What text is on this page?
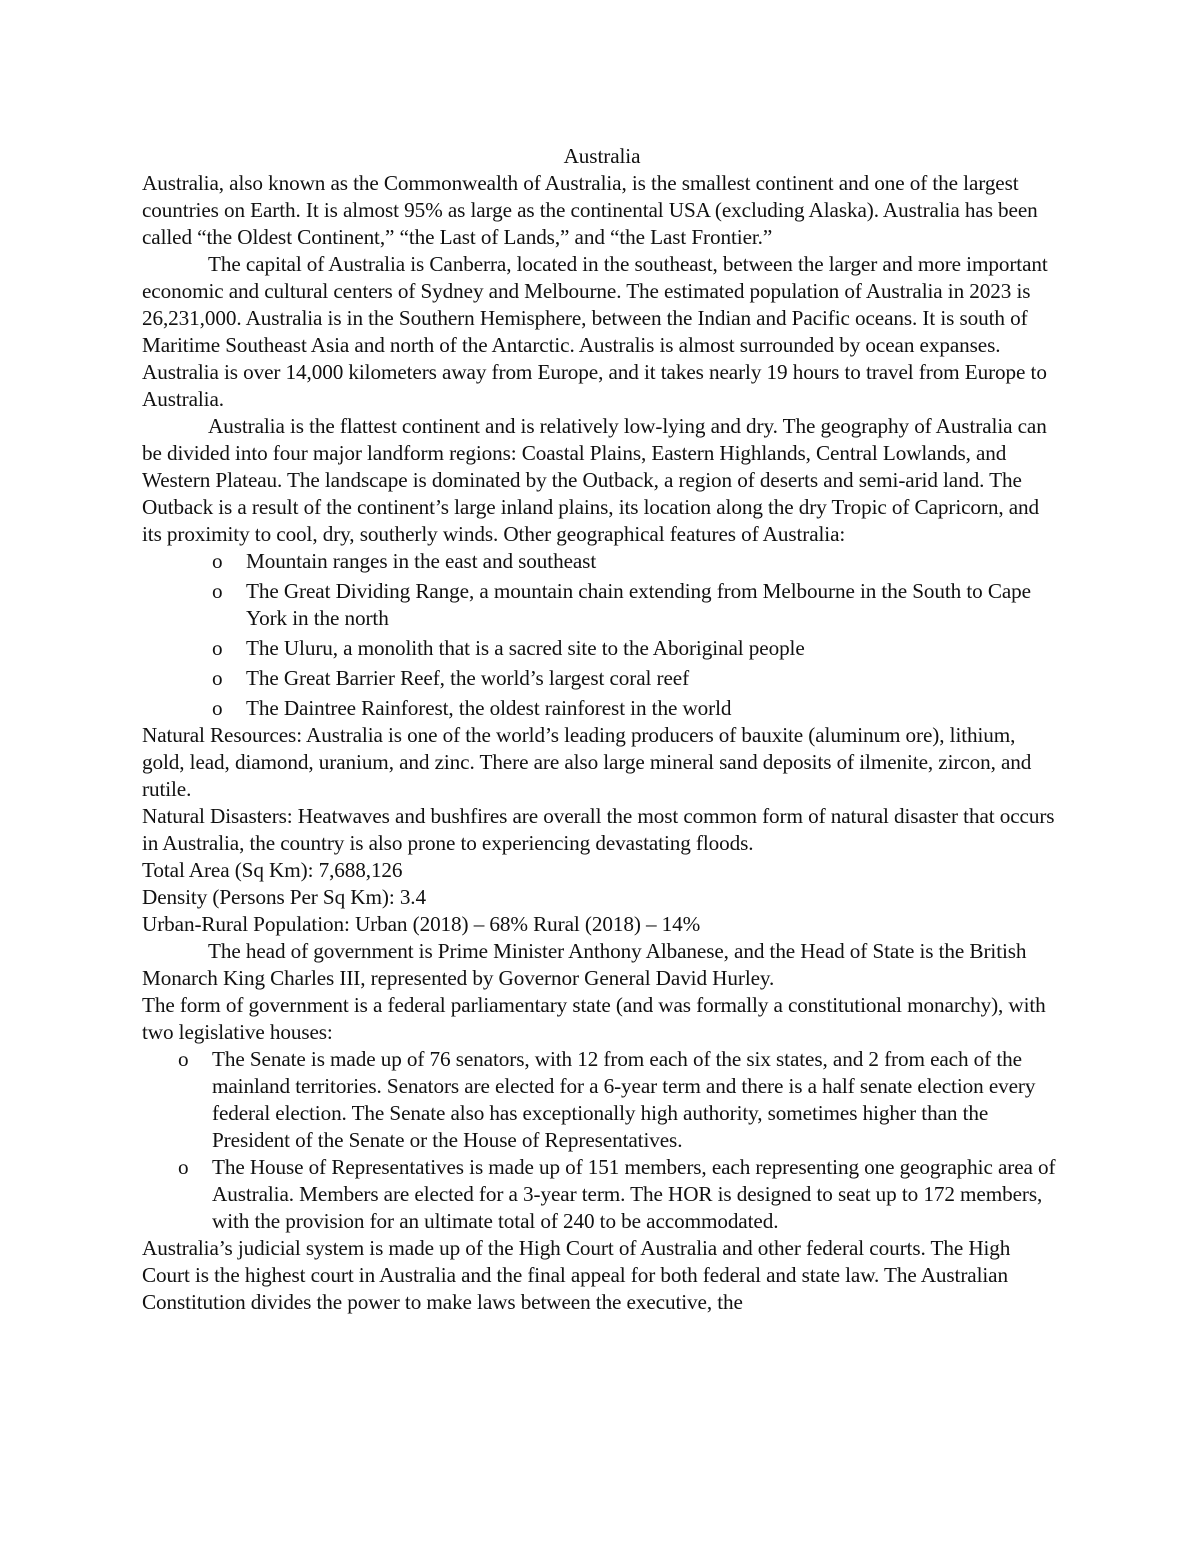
Australia

Australia, also known as the Commonwealth of Australia, is the smallest continent and one of the largest countries on Earth. It is almost 95% as large as the continental USA (excluding Alaska). Australia has been called “the Oldest Continent,” “the Last of Lands,” and “the Last Frontier.”

The capital of Australia is Canberra, located in the southeast, between the larger and more important economic and cultural centers of Sydney and Melbourne. The estimated population of Australia in 2023 is 26,231,000. Australia is in the Southern Hemisphere, between the Indian and Pacific oceans. It is south of Maritime Southeast Asia and north of the Antarctic. Australis is almost surrounded by ocean expanses. Australia is over 14,000 kilometers away from Europe, and it takes nearly 19 hours to travel from Europe to Australia.

Australia is the flattest continent and is relatively low-lying and dry. The geography of Australia can be divided into four major landform regions: Coastal Plains, Eastern Highlands, Central Lowlands, and Western Plateau. The landscape is dominated by the Outback, a region of deserts and semi-arid land. The Outback is a result of the continent’s large inland plains, its location along the dry Tropic of Capricorn, and its proximity to cool, dry, southerly winds. Other geographical features of Australia:

o Mountain ranges in the east and southeast
o The Great Dividing Range, a mountain chain extending from Melbourne in the South to Cape York in the north
o The Uluru, a monolith that is a sacred site to the Aboriginal people
o The Great Barrier Reef, the world’s largest coral reef
o The Daintree Rainforest, the oldest rainforest in the world

Natural Resources: Australia is one of the world’s leading producers of bauxite (aluminum ore), lithium, gold, lead, diamond, uranium, and zinc. There are also large mineral sand deposits of ilmenite, zircon, and rutile.

Natural Disasters: Heatwaves and bushfires are overall the most common form of natural disaster that occurs in Australia, the country is also prone to experiencing devastating floods.

Total Area (Sq Km): 7,688,126

Density (Persons Per Sq Km): 3.4

Urban-Rural Population: Urban (2018) – 68% Rural (2018) – 14%

The head of government is Prime Minister Anthony Albanese, and the Head of State is the British Monarch King Charles III, represented by Governor General David Hurley.

The form of government is a federal parliamentary state (and was formally a constitutional monarchy), with two legislative houses:

o The Senate is made up of 76 senators, with 12 from each of the six states, and 2 from each of the mainland territories. Senators are elected for a 6-year term and there is a half senate election every federal election. The Senate also has exceptionally high authority, sometimes higher than the President of the Senate or the House of Representatives.
o The House of Representatives is made up of 151 members, each representing one geographic area of Australia. Members are elected for a 3-year term. The HOR is designed to seat up to 172 members, with the provision for an ultimate total of 240 to be accommodated.

Australia’s judicial system is made up of the High Court of Australia and other federal courts. The High Court is the highest court in Australia and the final appeal for both federal and state law. The Australian Constitution divides the power to make laws between the executive, the
